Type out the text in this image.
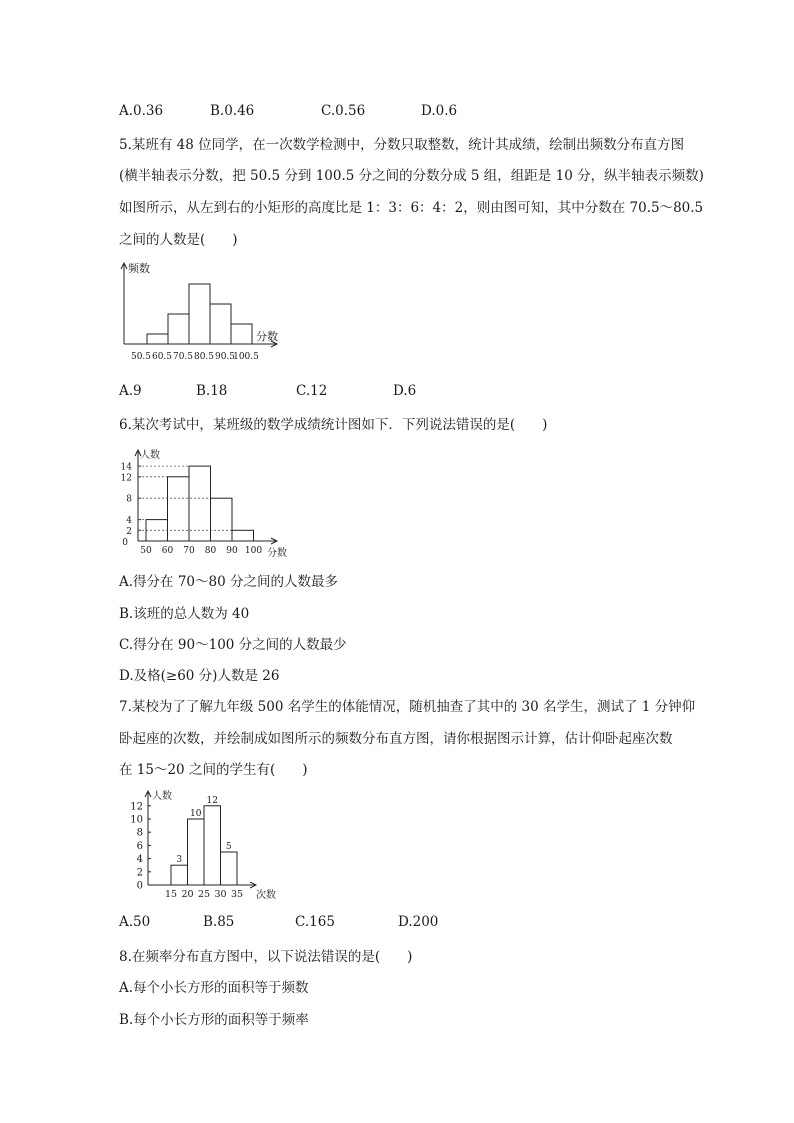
A.0.36	B.0.46	C.0.56	D.0.6
5.某班有 48 位同学，在一次数学检测中，分数只取整数，统计其成绩，绘制出频数分布直方图
(横半轴表示分数，把 50.5 分到 100.5 分之间的分数分成 5 组，组距是 10 分，纵半轴表示频数)
如图所示，从左到右的小矩形的高度比是 1：3：6：4：2，则由图可知，其中分数在 70.5～80.5
之间的人数是(　　)
频数
分数
50.5 60.5 70.5 80.5 90.5
100.5
A.9	B.18	C.12	D.6
6.某次考试中，某班级的数学成绩统计图如下．下列说法错误的是(　　)
人数
分数
0
2
4
8
12
14
50 60 70 80 90 100
A.得分在 70～80 分之间的人数最多
B.该班的总人数为 40
C.得分在 90～100 分之间的人数最少
D.及格(≥60 分)人数是 26
7.某校为了了解九年级 500 名学生的体能情况，随机抽查了其中的 30 名学生，测试了 1 分钟仰
卧起座的次数，并绘制成如图所示的频数分布直方图，请你根据图示计算，估计仰卧起座次数
在 15～20 之间的学生有(　　)
人数
次数
0
2
4
6
8
10
12
3
10
12
5
15 20 25 30 35
A.50	B.85	C.165	D.200
8.在频率分布直方图中，以下说法错误的是(　　)
A.每个小长方形的面积等于频数
B.每个小长方形的面积等于频率
